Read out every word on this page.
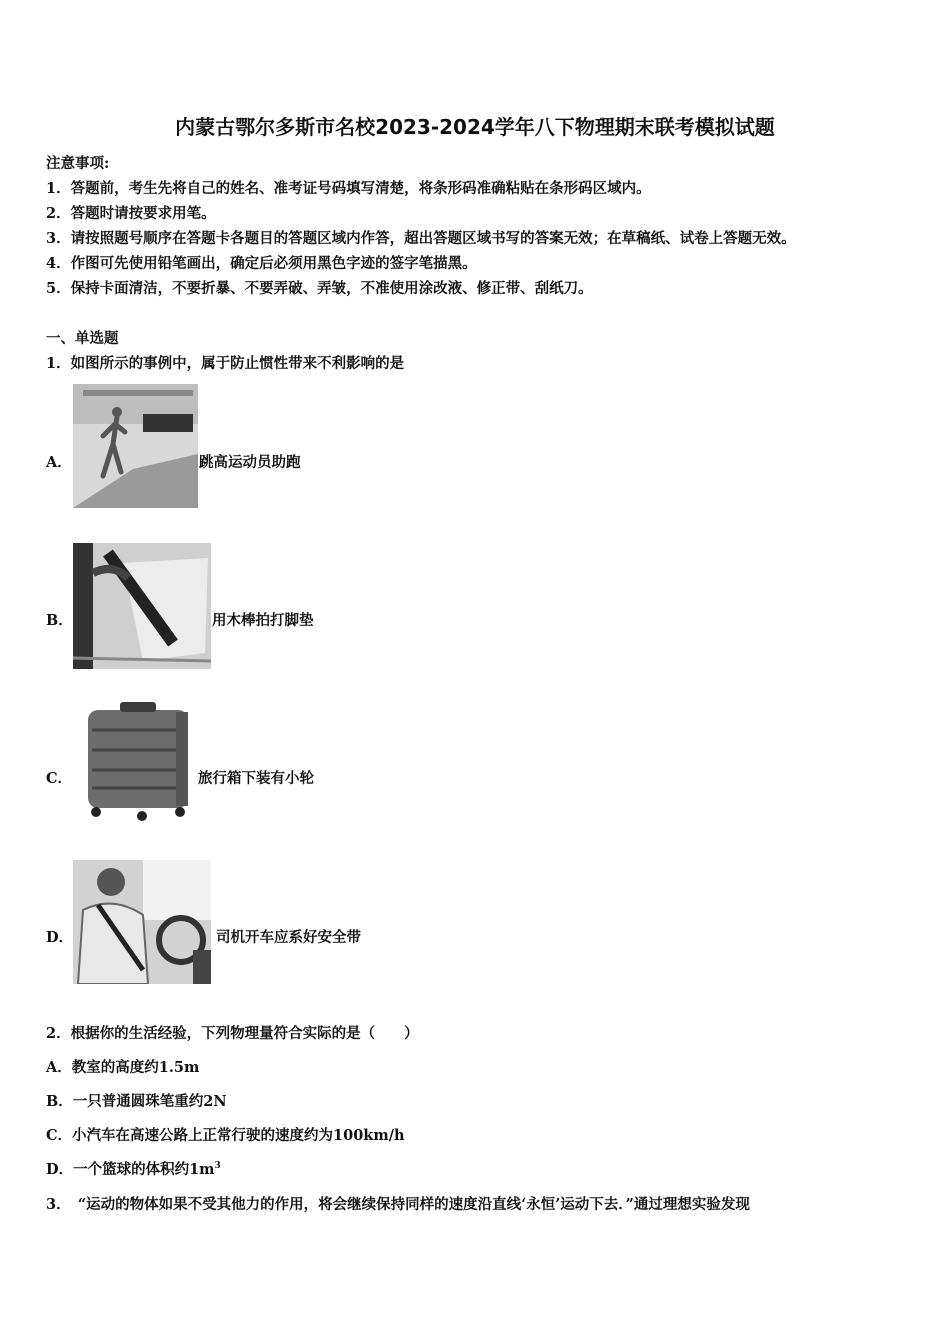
内蒙古鄂尔多斯市名校2023-2024学年八下物理期末联考模拟试题
注意事项:
1．答题前，考生先将自己的姓名、准考证号码填写清楚，将条形码准确粘贴在条形码区域内。
2．答题时请按要求用笔。
3．请按照题号顺序在答题卡各题目的答题区域内作答，超出答题区域书写的答案无效；在草稿纸、试卷上答题无效。
4．作图可先使用铅笔画出，确定后必须用黑色字迹的签字笔描黑。
5．保持卡面清洁，不要折暴、不要弄破、弄皱，不准使用涂改液、修正带、刮纸刀。
一、单选题
1．如图所示的事例中，属于防止惯性带来不利影响的是
A．	跳高运动员助跑
B．	用木棒拍打脚垫
C．	旅行箱下装有小轮
D．	司机开车应系好安全带
2．根据你的生活经验，下列物理量符合实际的是（　　）
A．教室的高度约1.5m
B．一只普通圆珠笔重约2N
C．小汽车在高速公路上正常行驶的速度约为100km/h
D．一个篮球的体积约$1m^3$
3．　“运动的物体如果不受其他力的作用，将会继续保持同样的速度沿直线‘永恒’运动下去．”通过理想实验发现
